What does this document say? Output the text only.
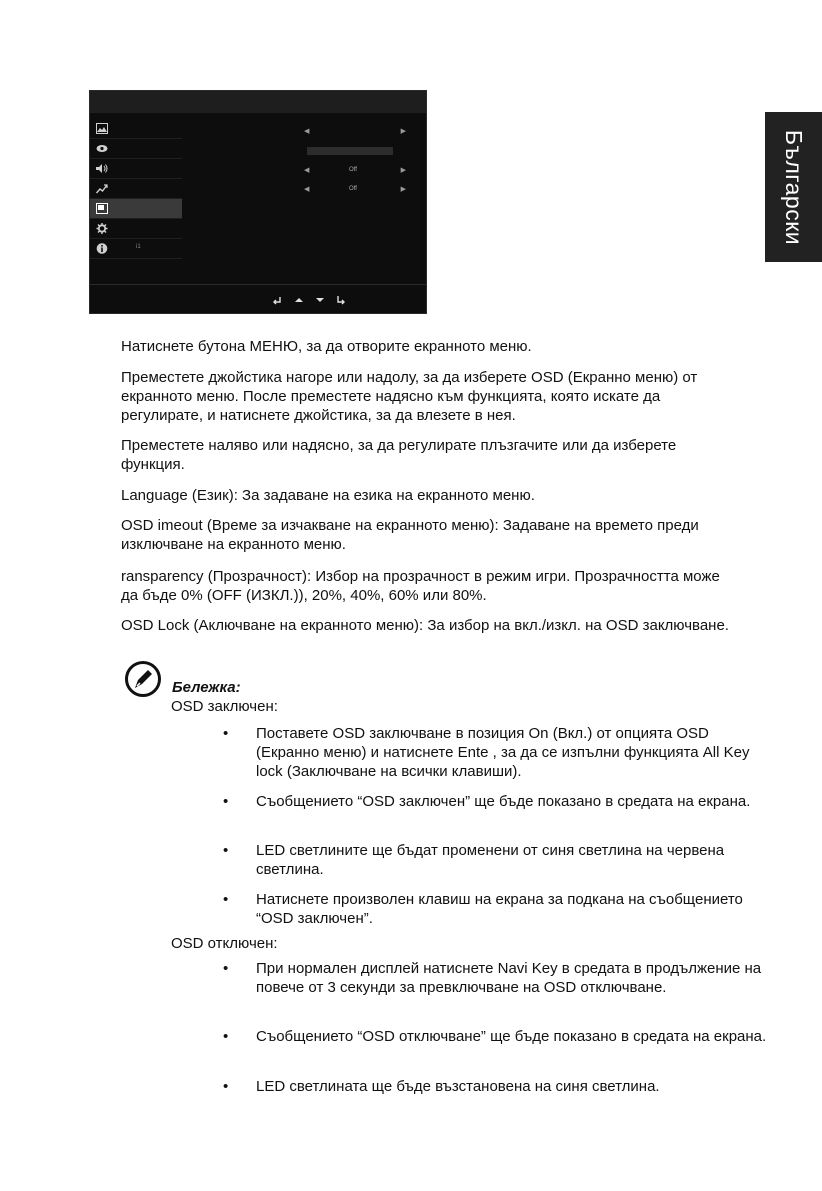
Български
i1
◀	▶
◀	Off	▶
◀	Off	▶

Натиснете бутона МЕНЮ, за да отворите екранното меню.

Преместете джойстика нагоре или надолу, за да изберете OSD (Екранно меню) от екранното меню. После преместете надясно към функцията, която искате да регулирате, и натиснете джойстика, за да влезете в нея.

Преместете наляво или надясно, за да регулирате плъзгачите или да изберете функция.

Language (Език): За задаване на езика на екранното меню.

OSD imeout (Време за изчакване на екранното меню): Задаване на времето преди изключване на екранното меню.

ransparency (Прозрачност): Избор на прозрачност в режим игри. Прозрачността може да бъде 0% (OFF (ИЗКЛ.)), 20%, 40%, 60% или 80%.

OSD Lock (Аключване на екранното меню): За избор на вкл./изкл. на OSD заключване.

Бележка:
OSD заключен:
• Поставете OSD заключване в позиция On (Вкл.) от опцията OSD (Екранно меню) и натиснете Ente , за да се изпълни функцията All Key lock (Заключване на всички клавиши).
• Съобщението “OSD заключен” ще бъде показано в средата на екрана.
• LED светлините ще бъдат променени от синя светлина на червена светлина.
• Натиснете произволен клавиш на екрана за подкана на съобщението “OSD заключен”.
OSD отключен:
• При нормален дисплей натиснете Navi Key в средата в продължение на повече от 3 секунди за превключване на OSD отключване.
• Съобщението “OSD отключване” ще бъде показано в средата на екрана.
• LED светлината ще бъде възстановена на синя светлина.
